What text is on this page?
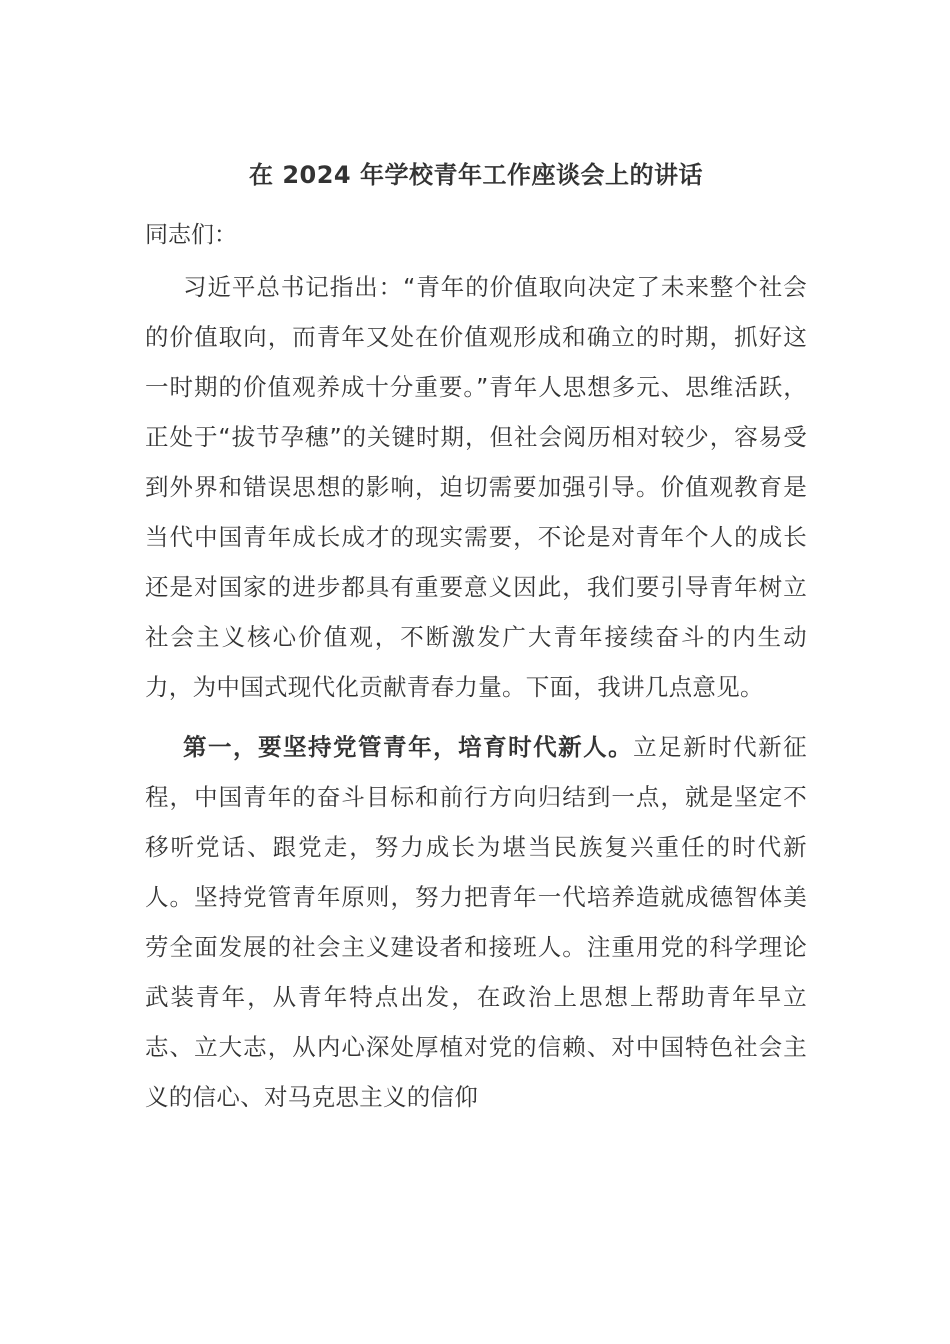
在 2024 年学校青年工作座谈会上的讲话

同志们：

习近平总书记指出：“青年的价值取向决定了未来整个社会的价值取向，而青年又处在价值观形成和确立的时期，抓好这一时期的价值观养成十分重要。”青年人思想多元、思维活跃，正处于“拔节孕穗”的关键时期，但社会阅历相对较少，容易受到外界和错误思想的影响，迫切需要加强引导。价值观教育是当代中国青年成长成才的现实需要，不论是对青年个人的成长还是对国家的进步都具有重要意义因此，我们要引导青年树立社会主义核心价值观，不断激发广大青年接续奋斗的内生动力，为中国式现代化贡献青春力量。下面，我讲几点意见。

第一，要坚持党管青年，培育时代新人。立足新时代新征程，中国青年的奋斗目标和前行方向归结到一点，就是坚定不移听党话、跟党走，努力成长为堪当民族复兴重任的时代新人。坚持党管青年原则，努力把青年一代培养造就成德智体美劳全面发展的社会主义建设者和接班人。注重用党的科学理论武装青年，从青年特点出发，在政治上思想上帮助青年早立志、立大志，从内心深处厚植对党的信赖、对中国特色社会主义的信心、对马克思主义的信仰
